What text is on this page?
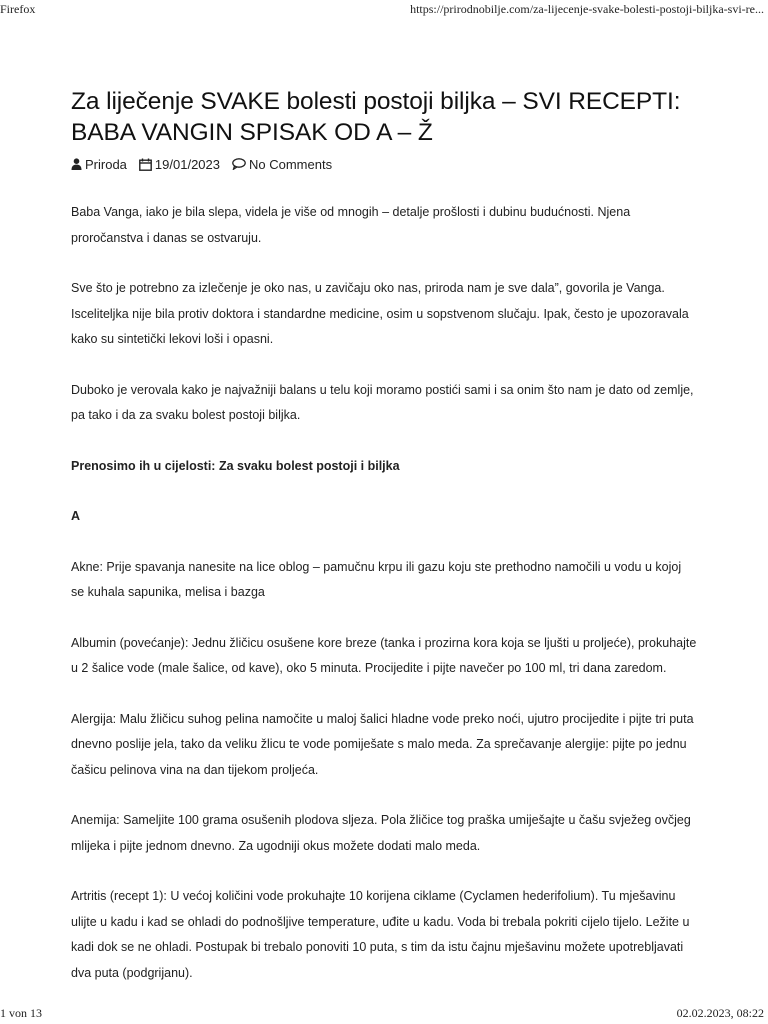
Firefox	https://prirodnobilje.com/za-lijecenje-svake-bolesti-postoji-biljka-svi-re...
Za liječenje SVAKE bolesti postoji biljka – SVI RECEPTI: BABA VANGIN SPISAK OD A – Ž
Priroda 19/01/2023 No Comments

Baba Vanga, iako je bila slepa, videla je više od mnogih – detalje prošlosti i dubinu budućnosti. Njena proročanstva i danas se ostvaruju.

Sve što je potrebno za izlečenje je oko nas, u zavičaju oko nas, priroda nam je sve dala”, govorila je Vanga. Isceliteljka nije bila protiv doktora i standardne medicine, osim u sopstvenom slučaju. Ipak, često je upozoravala kako su sintetički lekovi loši i opasni.

Duboko je verovala kako je najvažniji balans u telu koji moramo postići sami i sa onim što nam je dato od zemlje, pa tako i da za svaku bolest postoji biljka.

Prenosimo ih u cijelosti: Za svaku bolest postoji i biljka

A

Akne: Prije spavanja nanesite na lice oblog – pamučnu krpu ili gazu koju ste prethodno namočili u vodu u kojoj se kuhala sapunika, melisa i bazga

Albumin (povećanje): Jednu žličicu osušene kore breze (tanka i prozirna kora koja se ljušti u proljeće), prokuhajte u 2 šalice vode (male šalice, od kave), oko 5 minuta. Procijedite i pijte navečer po 100 ml, tri dana zaredom.

Alergija: Malu žličicu suhog pelina namočite u maloj šalici hladne vode preko noći, ujutro procijedite i pijte tri puta dnevno poslije jela, tako da veliku žlicu te vode pomiješate s malo meda. Za sprečavanje alergije: pijte po jednu čašicu pelinova vina na dan tijekom proljeća.

Anemija: Sameljite 100 grama osušenih plodova sljeza. Pola žličice tog praška umiješajte u čašu svježeg ovčjeg mlijeka i pijte jednom dnevno. Za ugodniji okus možete dodati malo meda.

Artritis (recept 1): U većoj količini vode prokuhajte 10 korijena ciklame (Cyclamen hederifolium). Tu mješavinu ulijte u kadu i kad se ohladi do podnošljive temperature, uđite u kadu. Voda bi trebala pokriti cijelo tijelo. Ležite u kadi dok se ne ohladi. Postupak bi trebalo ponoviti 10 puta, s tim da istu čajnu mješavinu možete upotrebljavati dva puta (podgrijanu).

1 von 13	02.02.2023, 08:22
